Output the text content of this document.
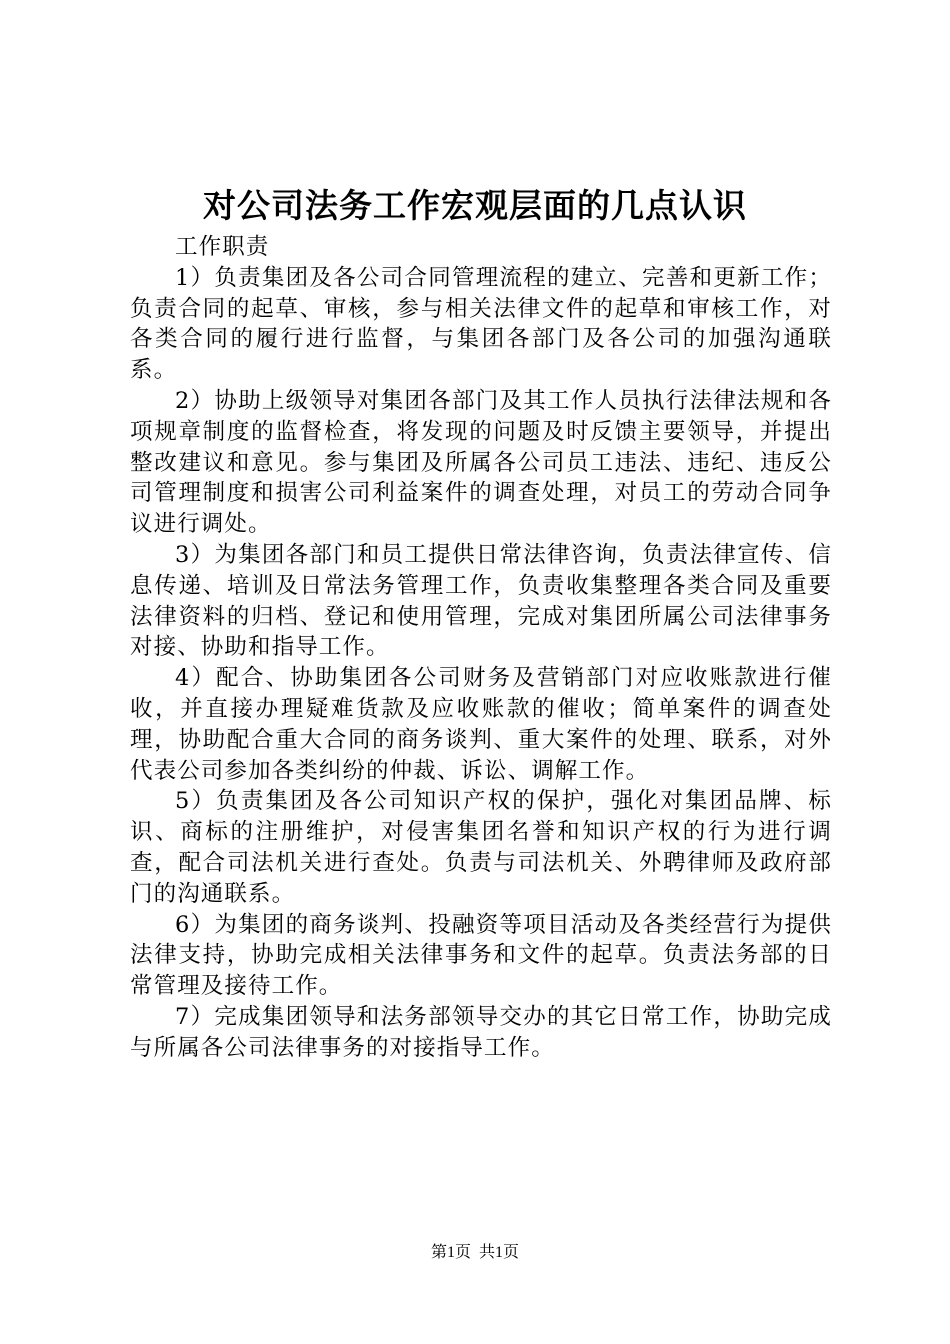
对公司法务工作宏观层面的几点认识

工作职责

1）负责集团及各公司合同管理流程的建立、完善和更新工作；负责合同的起草、审核，参与相关法律文件的起草和审核工作，对各类合同的履行进行监督，与集团各部门及各公司的加强沟通联系。

2）协助上级领导对集团各部门及其工作人员执行法律法规和各项规章制度的监督检查，将发现的问题及时反馈主要领导，并提出整改建议和意见。参与集团及所属各公司员工违法、违纪、违反公司管理制度和损害公司利益案件的调查处理，对员工的劳动合同争议进行调处。

3）为集团各部门和员工提供日常法律咨询，负责法律宣传、信息传递、培训及日常法务管理工作，负责收集整理各类合同及重要法律资料的归档、登记和使用管理，完成对集团所属公司法律事务对接、协助和指导工作。

4）配合、协助集团各公司财务及营销部门对应收账款进行催收，并直接办理疑难货款及应收账款的催收；简单案件的调查处理，协助配合重大合同的商务谈判、重大案件的处理、联系，对外代表公司参加各类纠纷的仲裁、诉讼、调解工作。

5）负责集团及各公司知识产权的保护，强化对集团品牌、标识、商标的注册维护，对侵害集团名誉和知识产权的行为进行调查，配合司法机关进行查处。负责与司法机关、外聘律师及政府部门的沟通联系。

6）为集团的商务谈判、投融资等项目活动及各类经营行为提供法律支持，协助完成相关法律事务和文件的起草。负责法务部的日常管理及接待工作。

7）完成集团领导和法务部领导交办的其它日常工作，协助完成与所属各公司法律事务的对接指导工作。

第1页 共1页
